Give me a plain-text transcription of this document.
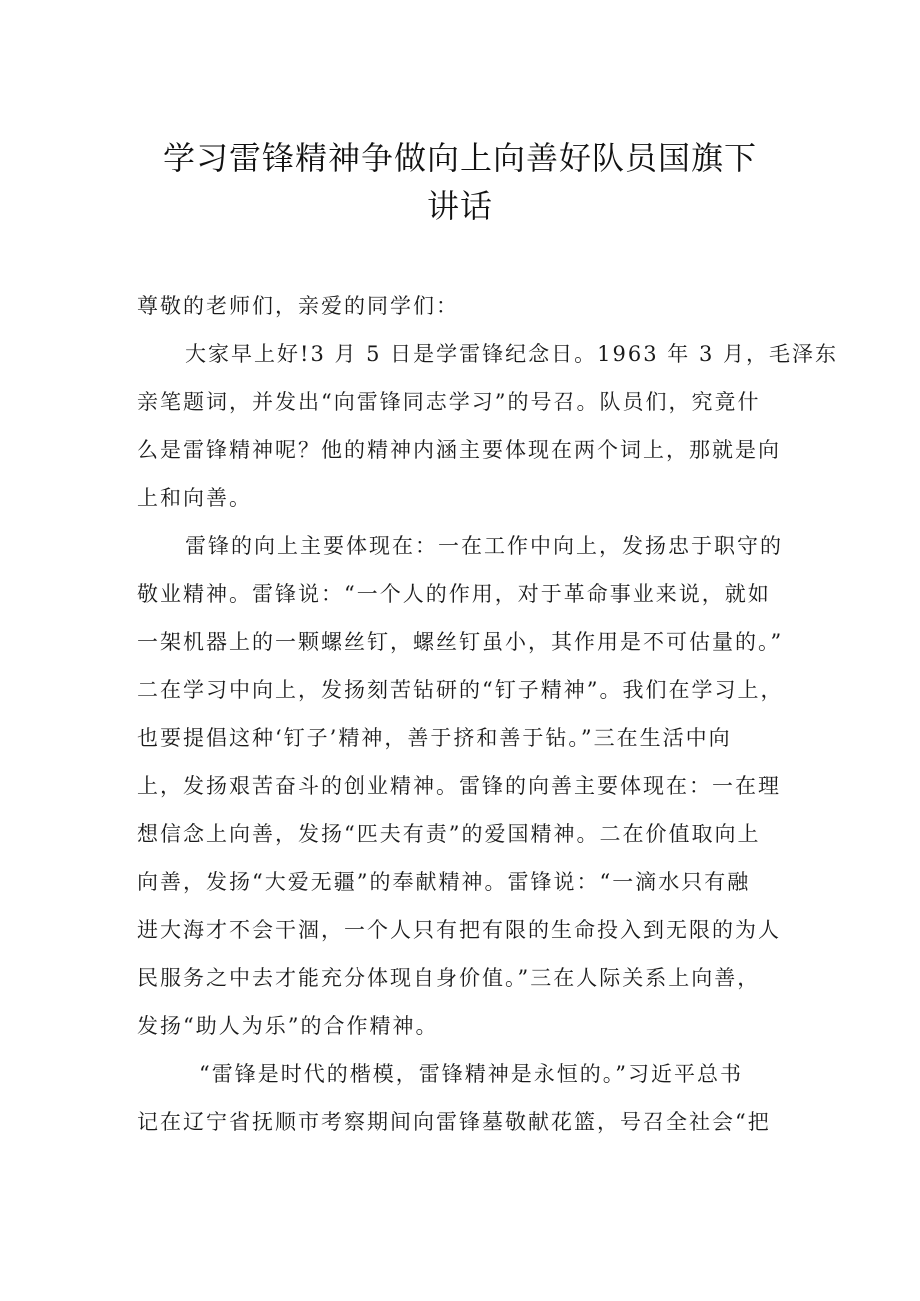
学习雷锋精神争做向上向善好队员国旗下
讲话
尊敬的老师们，亲爱的同学们：
大家早上好!3 月 5 日是学雷锋纪念日。1963 年 3 月，毛泽东
亲笔题词，并发出“向雷锋同志学习”的号召。队员们，究竟什
么是雷锋精神呢？他的精神内涵主要体现在两个词上，那就是向
上和向善。
雷锋的向上主要体现在：一在工作中向上，发扬忠于职守的
敬业精神。雷锋说：“一个人的作用，对于革命事业来说，就如
一架机器上的一颗螺丝钉，螺丝钉虽小，其作用是不可估量的。”
二在学习中向上，发扬刻苦钻研的“钉子精神”。我们在学习上，
也要提倡这种‘钉子’精神，善于挤和善于钻。”三在生活中向
上，发扬艰苦奋斗的创业精神。雷锋的向善主要体现在：一在理
想信念上向善，发扬“匹夫有责”的爱国精神。二在价值取向上
向善，发扬“大爱无疆”的奉献精神。雷锋说：“一滴水只有融
进大海才不会干涸，一个人只有把有限的生命投入到无限的为人
民服务之中去才能充分体现自身价值。”三在人际关系上向善，
发扬“助人为乐”的合作精神。
“雷锋是时代的楷模，雷锋精神是永恒的。”习近平总书
记在辽宁省抚顺市考察期间向雷锋墓敬献花篮，号召全社会“把
